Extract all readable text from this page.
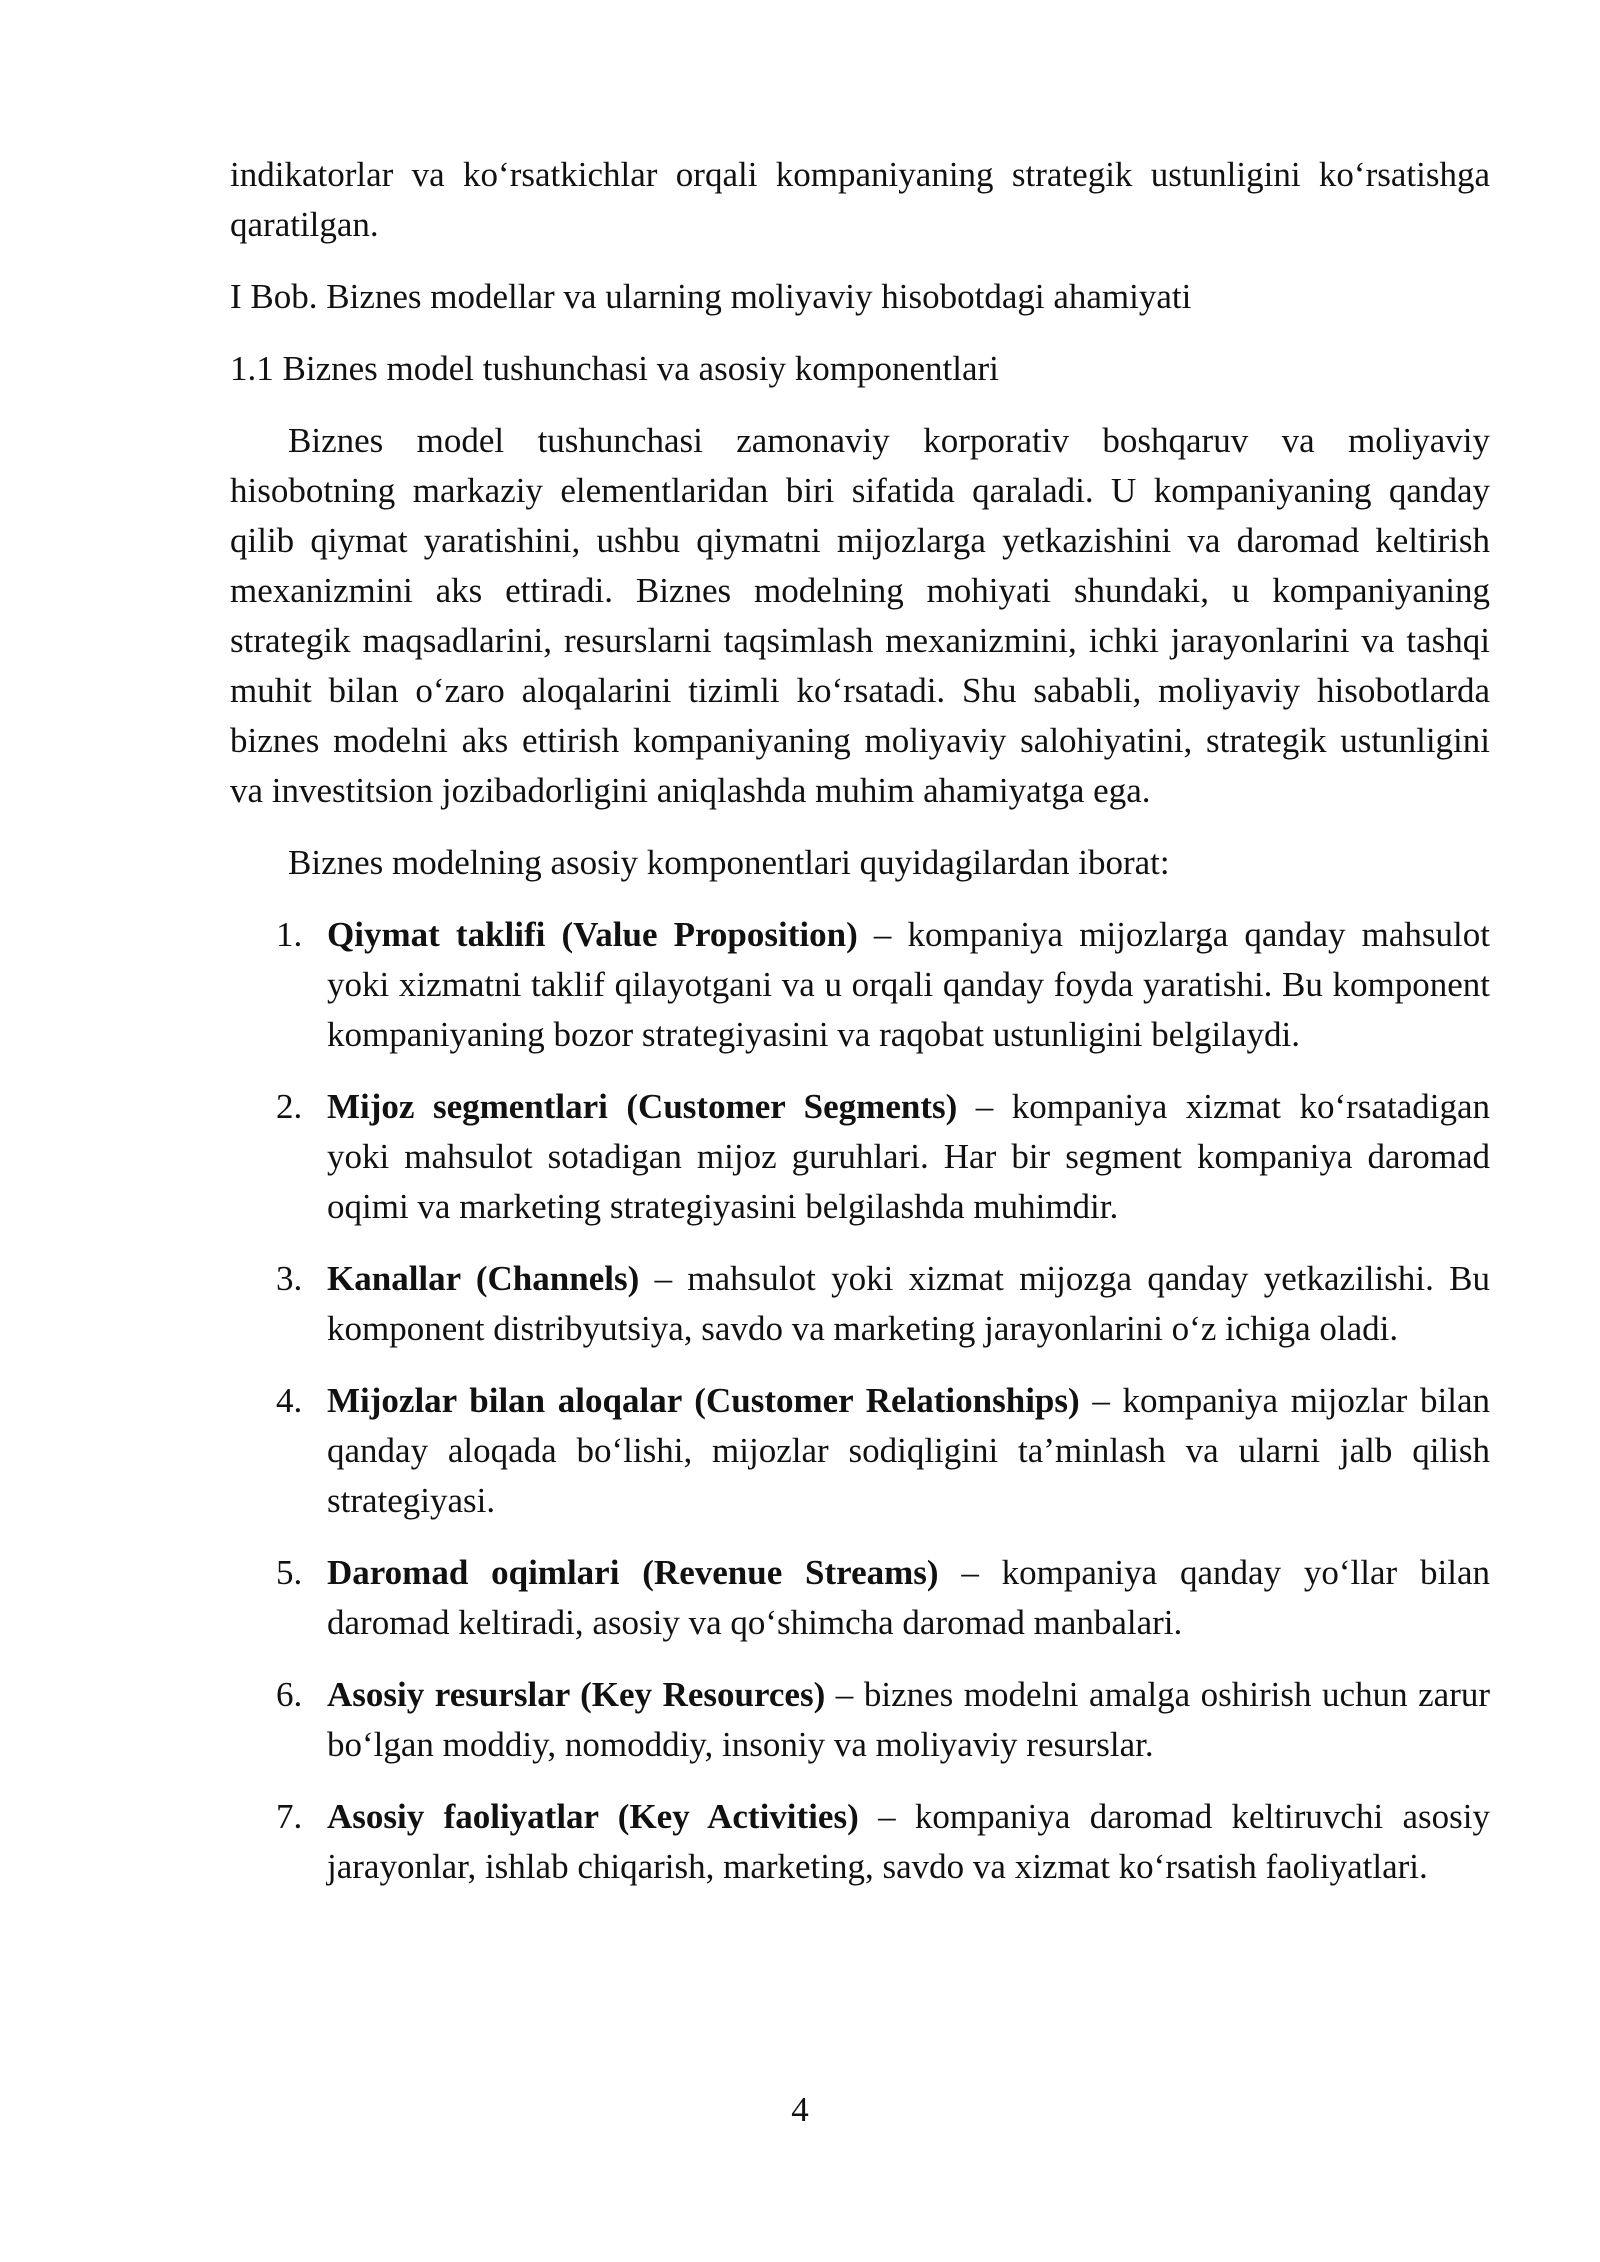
indikatorlar va ko‘rsatkichlar orqali kompaniyaning strategik ustunligini ko‘rsatishga qaratilgan.

I Bob. Biznes modellar va ularning moliyaviy hisobotdagi ahamiyati

1.1 Biznes model tushunchasi va asosiy komponentlari

Biznes model tushunchasi zamonaviy korporativ boshqaruv va moliyaviy hisobotning markaziy elementlaridan biri sifatida qaraladi. U kompaniyaning qanday qilib qiymat yaratishini, ushbu qiymatni mijozlarga yetkazishini va daromad keltirish mexanizmini aks ettiradi. Biznes modelning mohiyati shundaki, u kompaniyaning strategik maqsadlarini, resurslarni taqsimlash mexanizmini, ichki jarayonlarini va tashqi muhit bilan o‘zaro aloqalarini tizimli ko‘rsatadi. Shu sababli, moliyaviy hisobotlarda biznes modelni aks ettirish kompaniyaning moliyaviy salohiyatini, strategik ustunligini va investitsion jozibadorligini aniqlashda muhim ahamiyatga ega.

Biznes modelning asosiy komponentlari quyidagilardan iborat:

1. Qiymat taklifi (Value Proposition) – kompaniya mijozlarga qanday mahsulot yoki xizmatni taklif qilayotgani va u orqali qanday foyda yaratishi. Bu komponent kompaniyaning bozor strategiyasini va raqobat ustunligini belgilaydi.
2. Mijoz segmentlari (Customer Segments) – kompaniya xizmat ko‘rsatadigan yoki mahsulot sotadigan mijoz guruhlari. Har bir segment kompaniya daromad oqimi va marketing strategiyasini belgilashda muhimdir.
3. Kanallar (Channels) – mahsulot yoki xizmat mijozga qanday yetkazilishi. Bu komponent distribyutsiya, savdo va marketing jarayonlarini o‘z ichiga oladi.
4. Mijozlar bilan aloqalar (Customer Relationships) – kompaniya mijozlar bilan qanday aloqada bo‘lishi, mijozlar sodiqligini ta’minlash va ularni jalb qilish strategiyasi.
5. Daromad oqimlari (Revenue Streams) – kompaniya qanday yo‘llar bilan daromad keltiradi, asosiy va qo‘shimcha daromad manbalari.
6. Asosiy resurslar (Key Resources) – biznes modelni amalga oshirish uchun zarur bo‘lgan moddiy, nomoddiy, insoniy va moliyaviy resurslar.
7. Asosiy faoliyatlar (Key Activities) – kompaniya daromad keltiruvchi asosiy jarayonlar, ishlab chiqarish, marketing, savdo va xizmat ko‘rsatish faoliyatlari.
4
